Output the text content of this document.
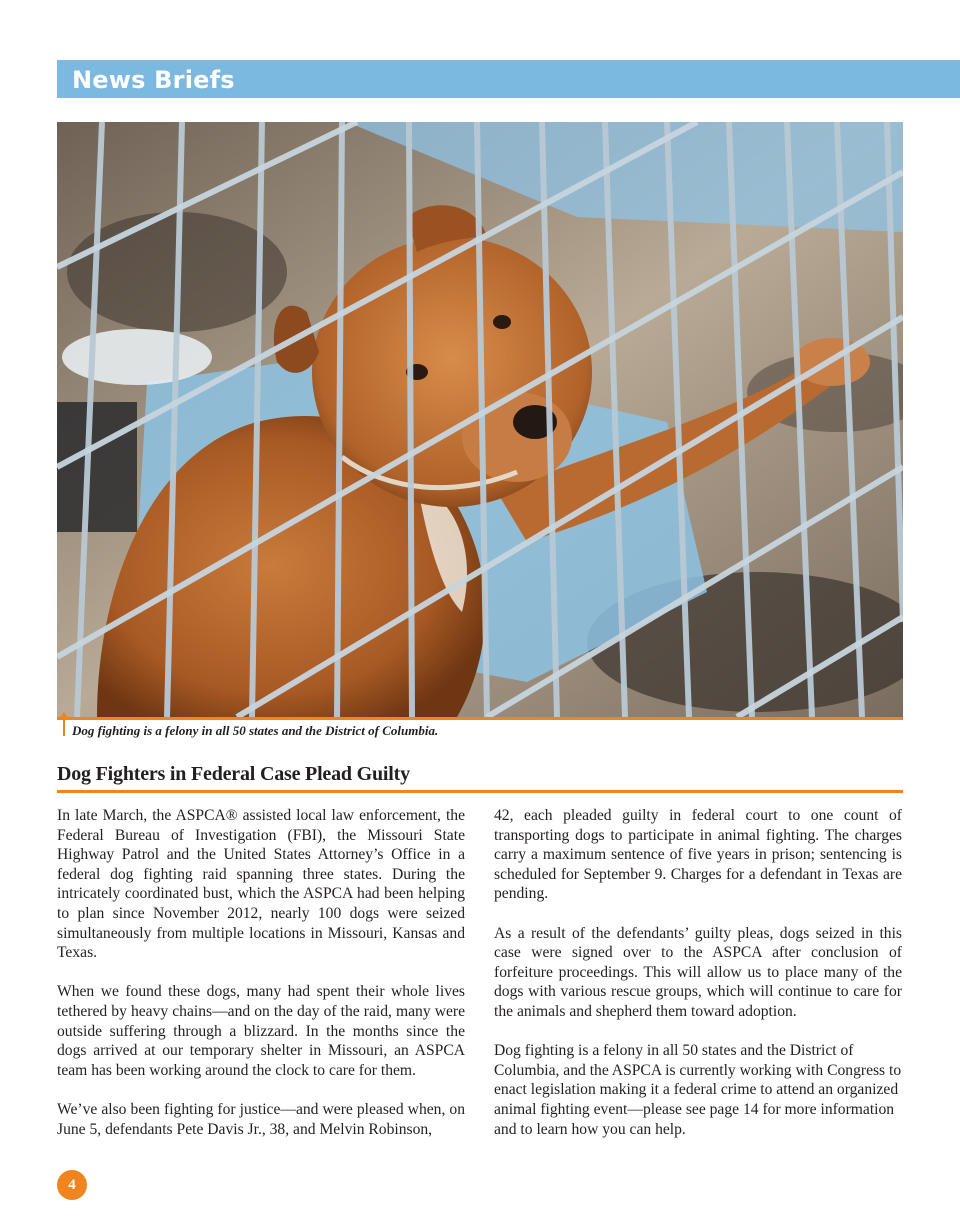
News Briefs
Dog fighting is a felony in all 50 states and the District of Columbia.
Dog Fighters in Federal Case Plead Guilty

In late March, the ASPCA® assisted local law enforcement, the Federal Bureau of Investigation (FBI), the Missouri State Highway Patrol and the United States Attorney’s Office in a federal dog fighting raid spanning three states. During the intricately coordinated bust, which the ASPCA had been helping to plan since November 2012, nearly 100 dogs were seized simultaneously from multiple locations in Missouri, Kansas and Texas.

When we found these dogs, many had spent their whole lives tethered by heavy chains—and on the day of the raid, many were outside suffering through a blizzard. In the months since the dogs arrived at our temporary shelter in Missouri, an ASPCA team has been working around the clock to care for them.

We’ve also been fighting for justice—and were pleased when, on June 5, defendants Pete Davis Jr., 38, and Melvin Robinson,

42, each pleaded guilty in federal court to one count of transporting dogs to participate in animal fighting. The charges carry a maximum sentence of five years in prison; sentencing is scheduled for September 9. Charges for a defendant in Texas are pending.

As a result of the defendants’ guilty pleas, dogs seized in this case were signed over to the ASPCA after conclusion of forfeiture proceedings. This will allow us to place many of the dogs with various rescue groups, which will continue to care for the animals and shepherd them toward adoption.

Dog fighting is a felony in all 50 states and the District of Columbia, and the ASPCA is currently working with Congress to enact legislation making it a federal crime to attend an organized animal fighting event—please see page 14 for more information and to learn how you can help.

4
